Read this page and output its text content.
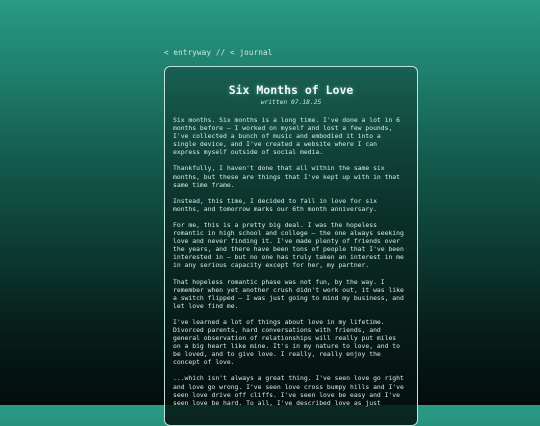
< entryway // < journal
Six Months of Love
written 07.18.25

Six months. Six months is a long time. I've done a lot in 6 months before – I worked on myself and lost a few pounds, I've collected a bunch of music and embodied it into a single device, and I've created a website where I can express myself outside of social media.

Thankfully, I haven't done that all within the same six months, but these are things that I've kept up with in that same time frame.

Instead, this time, I decided to fall in love for six months, and tomorrow marks our 6th month anniversary.

For me, this is a pretty big deal. I was the hopeless romantic in high school and college – the one always seeking love and never finding it. I've made plenty of friends over the years, and there have been tons of people that I've been interested in – but no one has truly taken an interest in me in any serious capacity except for her, my partner.

That hopeless romantic phase was not fun, by the way. I remember when yet another crush didn't work out, it was like a switch flipped – I was just going to mind my business, and let love find me.

I've learned a lot of things about love in my lifetime. Divorced parents, hard conversations with friends, and general observation of relationships will really put miles on a big heart like mine. It's in my nature to love, and to be loved, and to give love. I really, really enjoy the concept of love.

...which isn't always a great thing. I've seen love go right and love go wrong. I've seen love cross bumpy hills and I've seen love drive off cliffs. I've seen love be easy and I've seen love be hard. To all, I've described love as just
